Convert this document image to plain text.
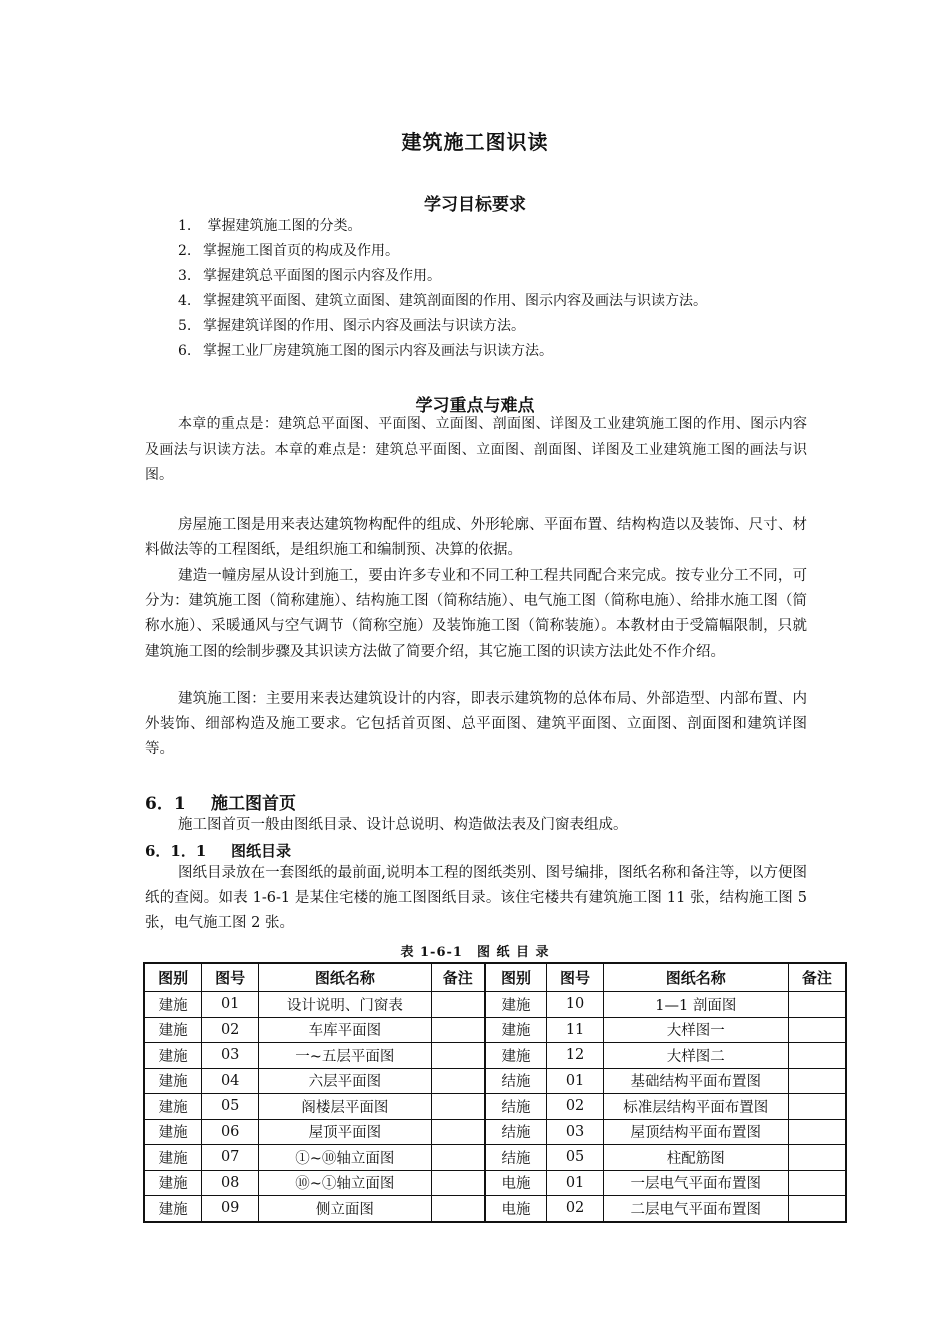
建筑施工图识读
学习目标要求
1. 掌握建筑施工图的分类。
2. 掌握施工图首页的构成及作用。
3. 掌握建筑总平面图的图示内容及作用。
4. 掌握建筑平面图、建筑立面图、建筑剖面图的作用、图示内容及画法与识读方法。
5. 掌握建筑详图的作用、图示内容及画法与识读方法。
6. 掌握工业厂房建筑施工图的图示内容及画法与识读方法。
学习重点与难点

本章的重点是：建筑总平面图、平面图、立面图、剖面图、详图及工业建筑施工图的作用、图示内容及画法与识读方法。本章的难点是：建筑总平面图、立面图、剖面图、详图及工业建筑施工图的画法与识图。

房屋施工图是用来表达建筑物构配件的组成、外形轮廓、平面布置、结构构造以及装饰、尺寸、材料做法等的工程图纸，是组织施工和编制预、决算的依据。

建造一幢房屋从设计到施工，要由许多专业和不同工种工程共同配合来完成。按专业分工不同，可分为：建筑施工图（简称建施）、结构施工图（简称结施）、电气施工图（简称电施）、给排水施工图（简称水施）、采暖通风与空气调节（简称空施）及装饰施工图（简称装施）。本教材由于受篇幅限制，只就建筑施工图的绘制步骤及其识读方法做了简要介绍，其它施工图的识读方法此处不作介绍。

建筑施工图：主要用来表达建筑设计的内容，即表示建筑物的总体布局、外部造型、内部布置、内外装饰、细部构造及施工要求。它包括首页图、总平面图、建筑平面图、立面图、剖面图和建筑详图等。

6．1 施工图首页

施工图首页一般由图纸目录、设计总说明、构造做法表及门窗表组成。

6．1．1 图纸目录

图纸目录放在一套图纸的最前面,说明本工程的图纸类别、图号编排，图纸名称和备注等，以方便图纸的查阅。如表 1-6-1 是某住宅楼的施工图图纸目录。该住宅楼共有建筑施工图 11 张，结构施工图 5 张，电气施工图 2 张。

表 1-6-1　图 纸 目 录
图别	图号	图纸名称	备注	图别	图号	图纸名称	备注
建施	01	设计说明、门窗表		建施	10	1—1 剖面图	
建施	02	车库平面图		建施	11	大样图一	
建施	03	一~五层平面图		建施	12	大样图二	
建施	04	六层平面图		结施	01	基础结构平面布置图	
建施	05	阁楼层平面图		结施	02	标准层结构平面布置图	
建施	06	屋顶平面图		结施	03	屋顶结构平面布置图	
建施	07	①~⑩轴立面图		结施	05	柱配筋图	
建施	08	⑩~①轴立面图		电施	01	一层电气平面布置图	
建施	09	侧立面图		电施	02	二层电气平面布置图	
